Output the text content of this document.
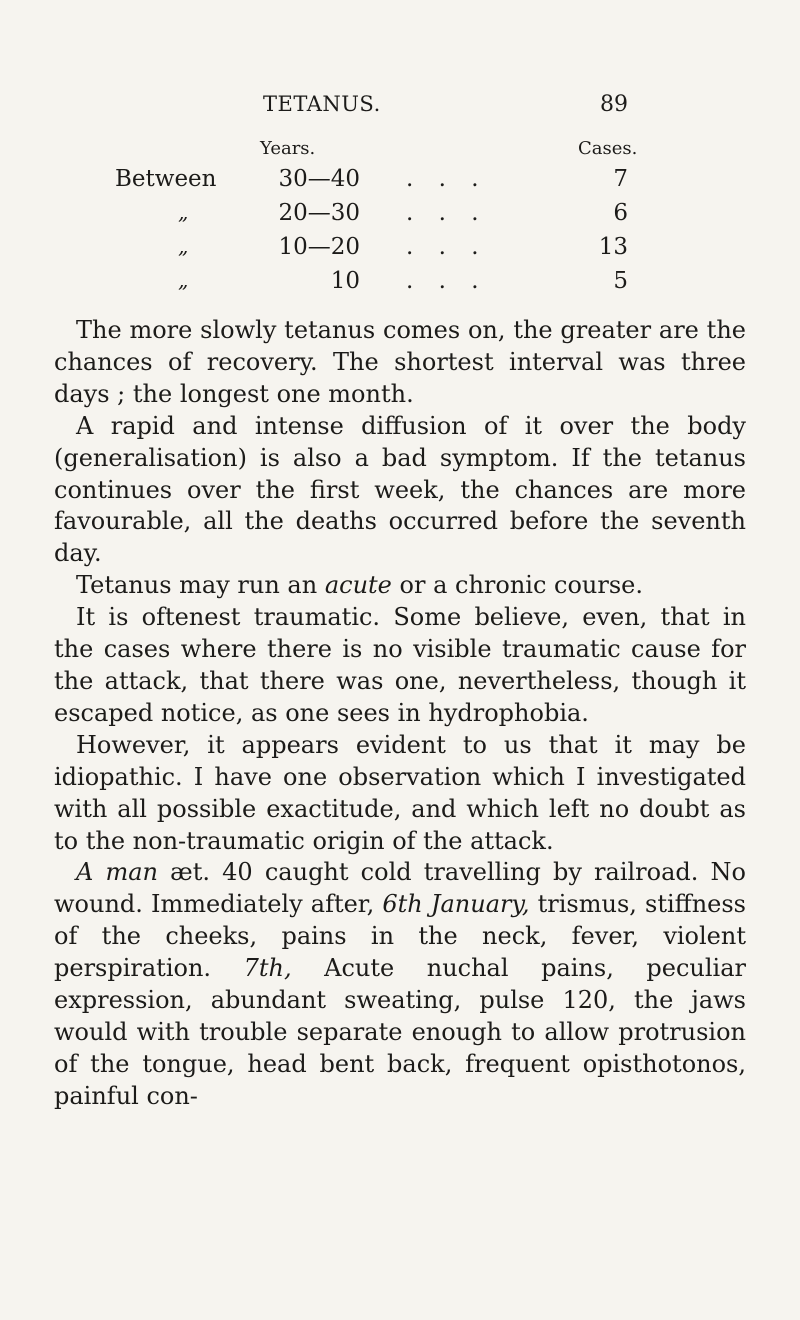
TETANUS.	89
Years.	Cases.
Between	30—40 . . .	7
„	20—30 . . .	6
„	10—20 . . .	13
„	10 . . .	5

The more slowly tetanus comes on, the greater are the chances of recovery. The shortest interval was three days ; the longest one month.

A rapid and intense diffusion of it over the body (generalisation) is also a bad symptom. If the tetanus continues over the first week, the chances are more favourable, all the deaths occurred before the seventh day.

Tetanus may run an acute or a chronic course.

It is oftenest traumatic. Some believe, even, that in the cases where there is no visible traumatic cause for the attack, that there was one, nevertheless, though it escaped notice, as one sees in hydrophobia.

However, it appears evident to us that it may be idiopathic. I have one observation which I investigated with all possible exactitude, and which left no doubt as to the non-traumatic origin of the attack.

A man æt. 40 caught cold travelling by railroad. No wound. Immediately after, 6th January, trismus, stiffness of the cheeks, pains in the neck, fever, violent perspiration. 7th, Acute nuchal pains, peculiar expression, abundant sweating, pulse 120, the jaws would with trouble separate enough to allow protrusion of the tongue, head bent back, frequent opisthotonos, painful con-
